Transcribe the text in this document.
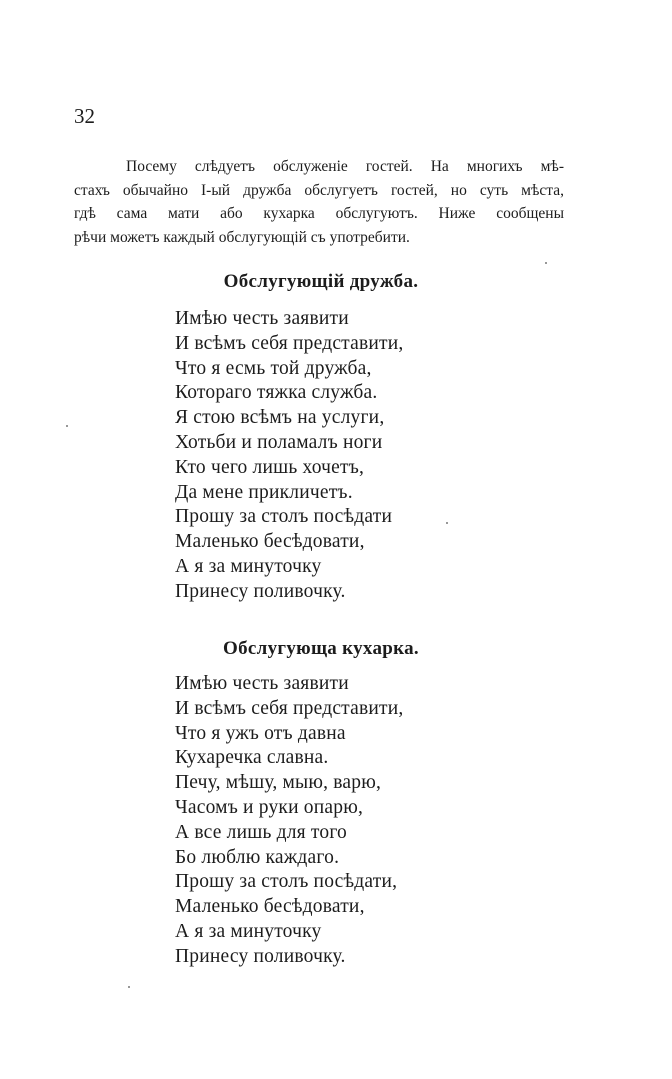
32
Посему слѣдуетъ обслуженіе гостей. На многихъ мѣ-
стахъ обычайно І-ый дружба обслугуетъ гостей, но суть мѣста,
гдѣ сама мати або кухарка обслугуютъ. Ниже сообщены
рѣчи можетъ каждый обслугующій съ употребити.
Обслугующій дружба.
Имѣю честь заявити
И всѣмъ себя представити,
Что я есмь той дружба,
Котораго тяжка служба.
Я стою всѣмъ на услуги,
Хотьби и поламалъ ноги
Кто чего лишь хочетъ,
Да мене прикличетъ.
Прошу за столъ посѣдати
Маленько бесѣдовати,
А я за минуточку
Принесу поливочку.
Обслугующа кухарка.
Имѣю честь заявити
И всѣмъ себя представити,
Что я ужъ отъ давна
Кухаречка славна.
Печу, мѣшу, мыю, варю,
Часомъ и руки опарю,
А все лишь для того
Бо люблю каждаго.
Прошу за столъ посѣдати,
Маленько бесѣдовати,
А я за минуточку
Принесу поливочку.
